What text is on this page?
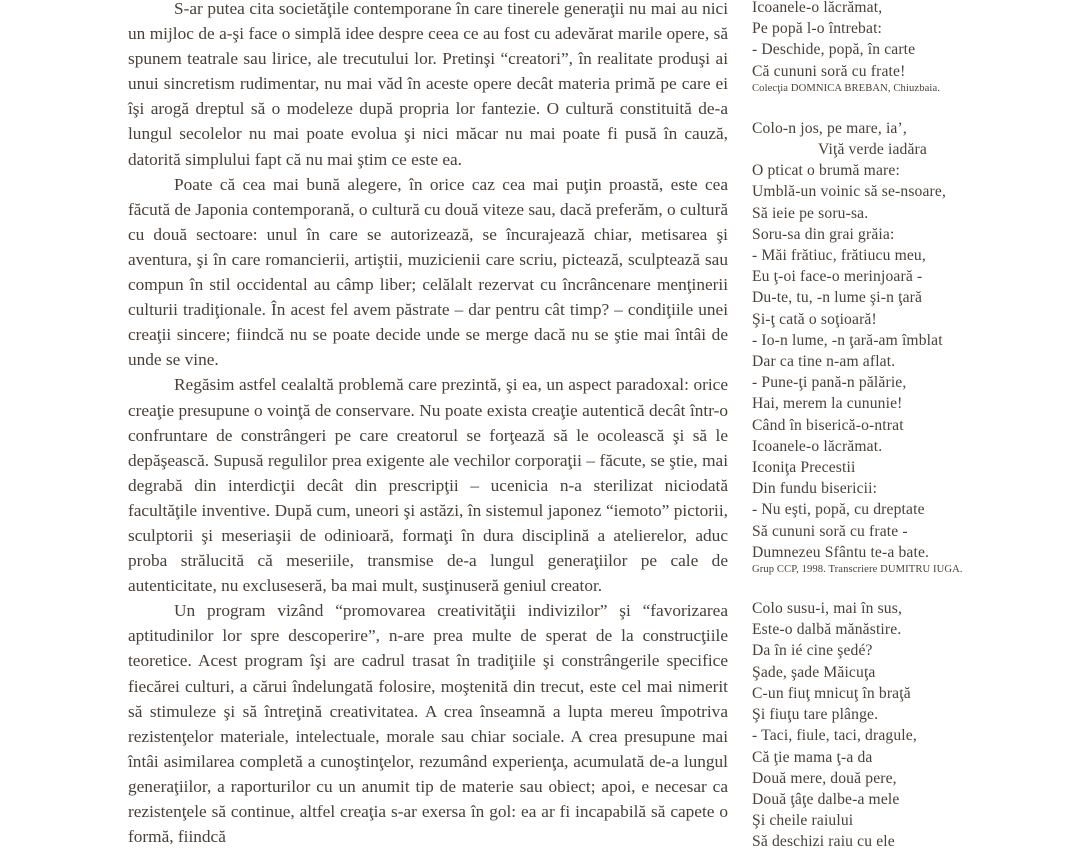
S-ar putea cita societăţile contemporane în care tinerele generaţii nu mai au nici un mijloc de a-şi face o simplă idee despre ceea ce au fost cu adevărat marile opere, să spunem teatrale sau lirice, ale trecutului lor. Pretinşi “creatori”, în realitate produşi ai unui sincretism rudimentar, nu mai văd în aceste opere decât materia primă pe care ei îşi arogă dreptul să o modeleze după propria lor fantezie. O cultură constituită de-a lungul secolelor nu mai poate evolua şi nici măcar nu mai poate fi pusă în cauză, datorită simplului fapt că nu mai ştim ce este ea.

Poate că cea mai bună alegere, în orice caz cea mai puţin proastă, este cea făcută de Japonia contemporană, o cultură cu două viteze sau, dacă preferăm, o cultură cu două sectoare: unul în care se autorizează, se încurajează chiar, metisarea şi aventura, şi în care romancierii, artiştii, muzicienii care scriu, pictează, sculptează sau compun în stil occidental au câmp liber; celălalt rezervat cu încrâncenare menţinerii culturii tradiţionale. În acest fel avem păstrate – dar pentru cât timp? – condiţiile unei creaţii sincere; fiindcă nu se poate decide unde se merge dacă nu se ştie mai întâi de unde se vine.

Regăsim astfel cealaltă problemă care prezintă, şi ea, un aspect paradoxal: orice creaţie presupune o voinţă de conservare. Nu poate exista creaţie autentică decât într-o confruntare de constrângeri pe care creatorul se forţează să le ocolească şi să le depăşească. Supusă regulilor prea exigente ale vechilor corporaţii – făcute, se ştie, mai degrabă din interdicţii decât din prescripţii – ucenicia n-a sterilizat niciodată facultăţile inventive. După cum, uneori şi astăzi, în sistemul japonez “iemoto” pictorii, sculptorii şi meseriaşii de odinioară, formaţi în dura disciplină a atelierelor, aduc proba strălucită că meseriile, transmise de-a lungul generaţiilor pe cale de autenticitate, nu excluseseră, ba mai mult, susţinuseră geniul creator.

Un program vizând “promovarea creativităţii indivizilor” şi “favorizarea aptitudinilor lor spre descoperire”, n-are prea multe de sperat de la construcţiile teoretice. Acest program îşi are cadrul trasat în tradiţiile şi constrângerile specifice fiecărei culturi, a cărui îndelungată folosire, moştenită din trecut, este cel mai nimerit să stimuleze şi să întreţină creativitatea. A crea înseamnă a lupta mereu împotriva rezistenţelor materiale, intelectuale, morale sau chiar sociale. A crea presupune mai întâi asimilarea completă a cunoştinţelor, rezumând experienţa, acumulată de-a lungul generaţiilor, a raporturilor cu un anumit tip de materie sau obiect; apoi, e necesar ca rezistenţele să continue, altfel creaţia s-ar exersa în gol: ea ar fi incapabilă să capete o formă, fiindcă

Icoanele-o lăcrămat,
Pe popă l-o întrebat:
- Deschide, popă, în carte
Că cununi soră cu frate!
Colecţia DOMNICA BREBAN, Chiuzbaia.
Colo-n jos, pe mare, ia’,
Viţă verde iadăra
O pticat o brumă mare:
Umblă-un voinic să se-nsoare,
Să ieie pe soru-sa.
Soru-sa din grai grăia:
- Măi frătiuc, frătiucu meu,
Eu ţ-oi face-o merinjoară -
Du-te, tu, -n lume şi-n ţară
Şi-ţ cată o soţioară!
- Io-n lume, -n ţară-am îmblat
Dar ca tine n-am aflat.
- Pune-ţi pană-n pălărie,
Hai, merem la cununie!
Când în biserică-o-ntrat
Icoanele-o lăcrămat.
Iconiţa Precestii
Din fundu bisericii:
- Nu eşti, popă, cu dreptate
Să cununi soră cu frate -
Dumnezeu Sfântu te-a bate.
Grup CCP, 1998. Transcriere DUMITRU IUGA.
Colo susu-i, mai în sus,
Este-o dalbă mănăstire.
Da în ié cine şedé?
Şade, şade Măicuţa
C-un fiuţ mnicuţ în braţă
Şi fiuţu tare plânge.
- Taci, fiule, taci, dragule,
Că ţie mama ţ-a da
Două mere, două pere,
Două ţâţe dalbe-a mele
Şi cheile raiului
Să deschizi raiu cu ele
